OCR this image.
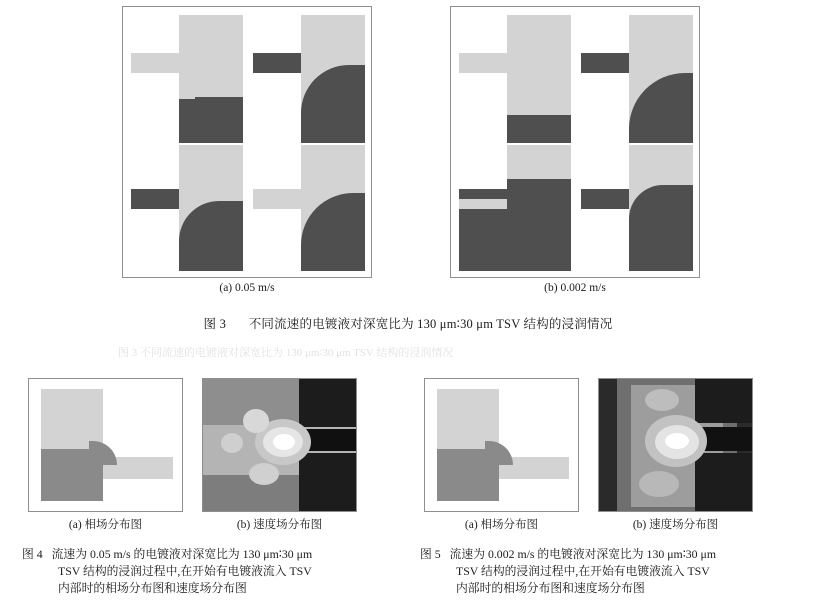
(a) 0.05 m/s	(b) 0.002 m/s
图 3 不同流速的电镀液对深宽比为 130 μm∶30 μm TSV 结构的浸润情况
图 3 不同流速的电镀液对深宽比为 130 μm∶30 μm TSV 结构的浸润情况
(a) 相场分布图	(b) 速度场分布图	(a) 相场分布图	(b) 速度场分布图
图 4 流速为 0.05 m/s 的电镀液对深宽比为 130 μm∶30 μm
TSV 结构的浸润过程中,在开始有电镀液流入 TSV
内部时的相场分布图和速度场分布图
图 5 流速为 0.002 m/s 的电镀液对深宽比为 130 μm∶30 μm
TSV 结构的浸润过程中,在开始有电镀液流入 TSV
内部时的相场分布图和速度场分布图
